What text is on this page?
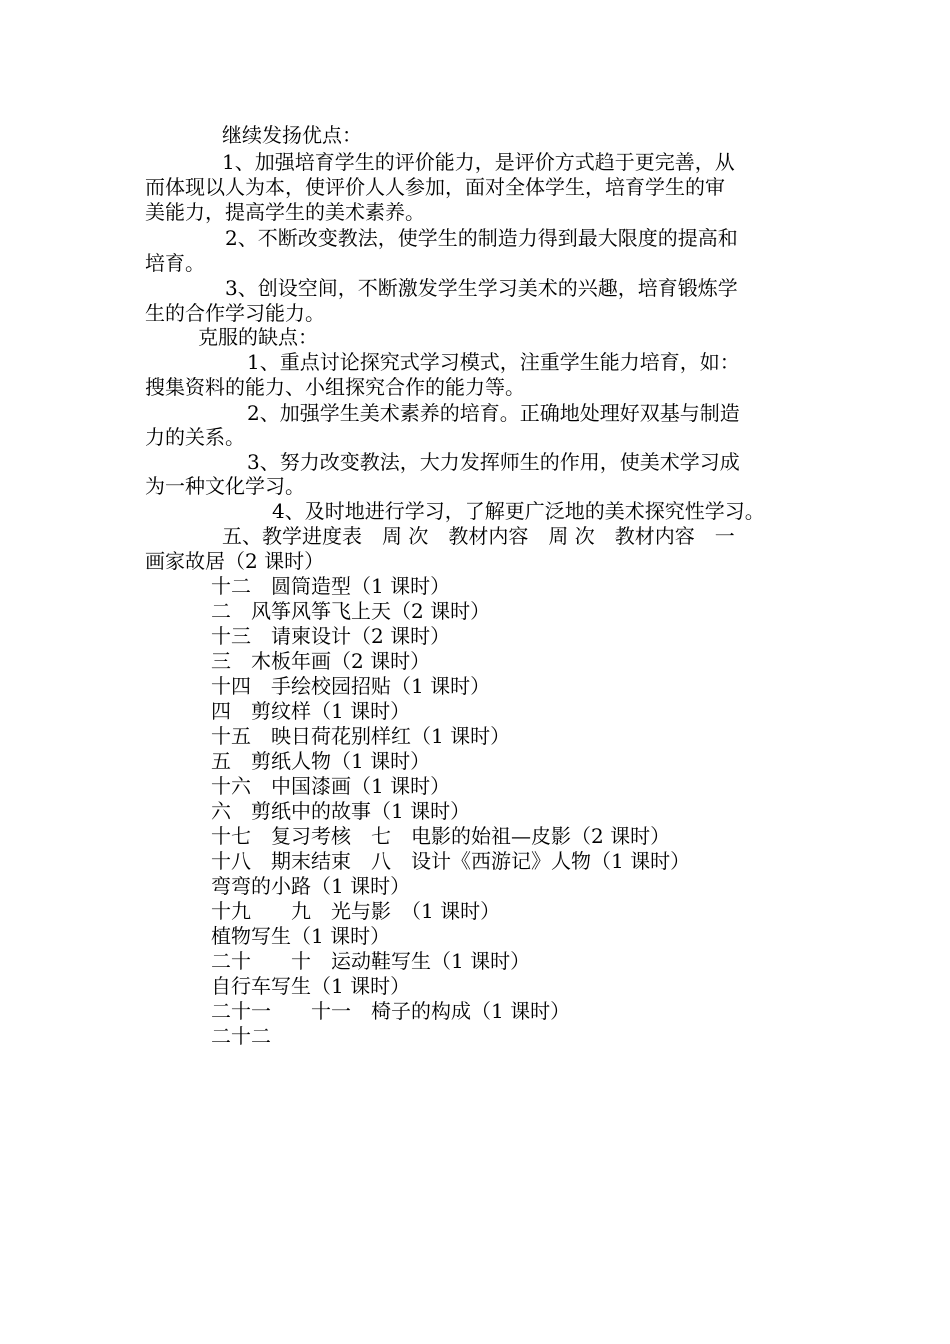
继续发扬优点：

1、加强培育学生的评价能力，是评价方式趋于更完善，从

而体现以人为本，使评价人人参加，面对全体学生，培育学生的审

美能力，提高学生的美术素养。

2、不断改变教法，使学生的制造力得到最大限度的提高和

培育。

3、创设空间，不断激发学生学习美术的兴趣，培育锻炼学

生的合作学习能力。

克服的缺点：

1、重点讨论探究式学习模式，注重学生能力培育，如：

搜集资料的能力、小组探究合作的能力等。

2、加强学生美术素养的培育。正确地处理好双基与制造

力的关系。

3、努力改变教法，大力发挥师生的作用，使美术学习成

为一种文化学习。

4、及时地进行学习，了解更广泛地的美术探究性学习。

五、教学进度表　周 次　教材内容　周 次　教材内容　一

画家故居（2 课时）

十二　圆筒造型（1 课时）

二　风筝风筝飞上天（2 课时）

十三　请柬设计（2 课时）

三　木板年画（2 课时）

十四　手绘校园招贴（1 课时）

四　剪纹样（1 课时）

十五　映日荷花别样红（1 课时）

五　剪纸人物（1 课时）

十六　中国漆画（1 课时）

六　剪纸中的故事（1 课时）

十七　复习考核　七　电影的始祖—皮影（2 课时）

十八　期末结束　八　设计《西游记》人物（1 课时）

弯弯的小路（1 课时）

十九　　九　光与影　（1 课时）

植物写生（1 课时）

二十　　十　运动鞋写生（1 课时）

自行车写生（1 课时）

二十一　　十一　椅子的构成（1 课时）

二十二
